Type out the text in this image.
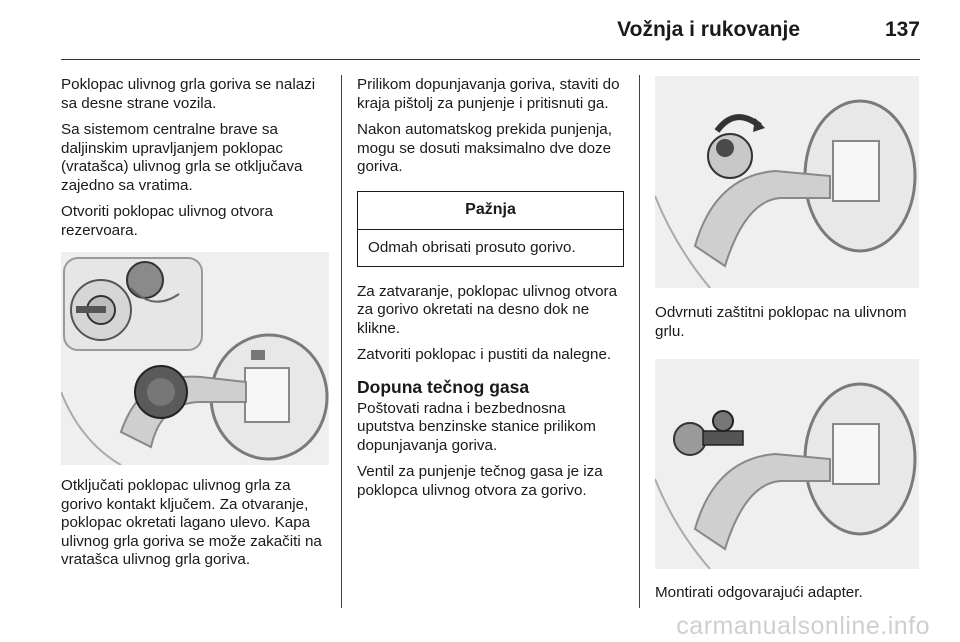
Vožnja i rukovanje	137

Poklopac ulivnog grla goriva se nalazi sa desne strane vozila.

Sa sistemom centralne brave sa daljinskim upravljanjem poklopac (vratašca) ulivnog grla se otključava zajedno sa vratima.

Otvoriti poklopac ulivnog otvora rezervoara.

Otključati poklopac ulivnog grla za gorivo kontakt ključem. Za otvaranje, poklopac okretati lagano ulevo. Kapa ulivnog grla goriva se može zakačiti na vratašca ulivnog grla goriva.

Prilikom dopunjavanja goriva, staviti do kraja pištolj za punjenje i pritisnuti ga.

Nakon automatskog prekida punjenja, mogu se dosuti maksimalno dve doze goriva.

Pažnja
Odmah obrisati prosuto gorivo.

Za zatvaranje, poklopac ulivnog otvora za gorivo okretati na desno dok ne klikne.

Zatvoriti poklopac i pustiti da nalegne.

Dopuna tečnog gasa

Poštovati radna i bezbednosna uputstva benzinske stanice prilikom dopunjavanja goriva.

Ventil za punjenje tečnog gasa je iza poklopca ulivnog otvora za gorivo.

Odvrnuti zaštitni poklopac na ulivnom grlu.

Montirati odgovarajući adapter.

carmanualsonline.info
